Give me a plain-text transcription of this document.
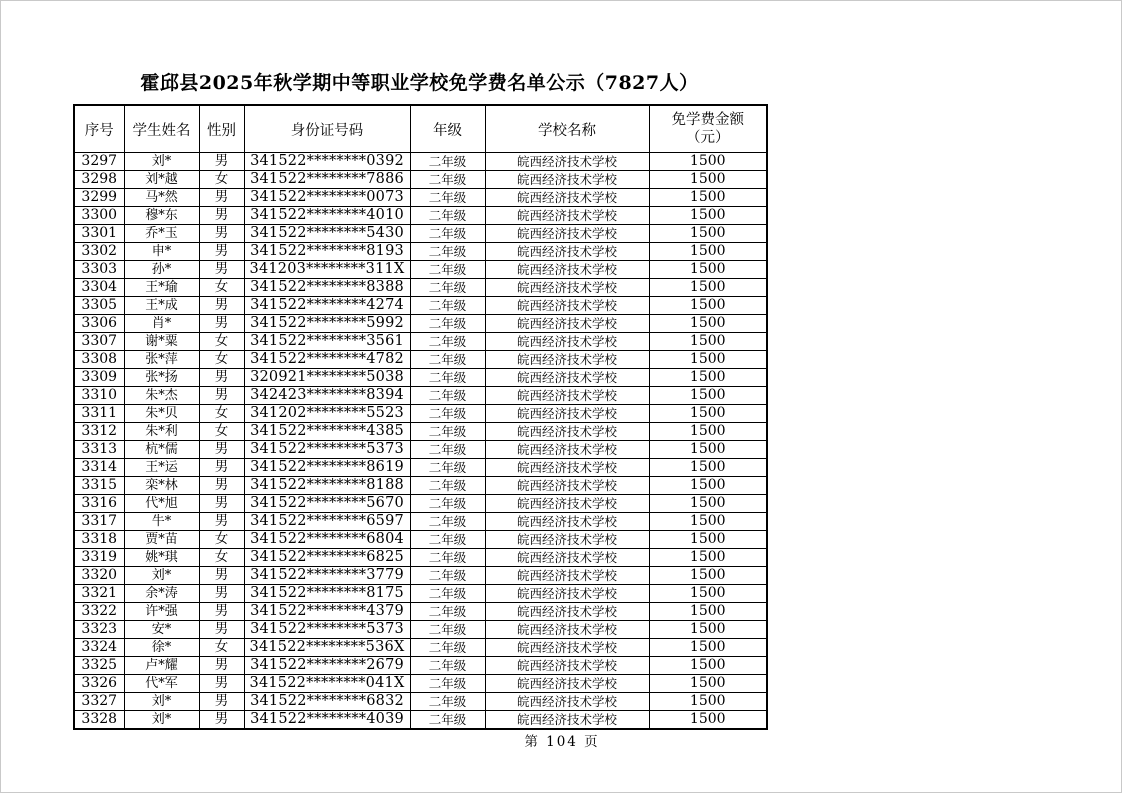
霍邱县2025年秋学期中等职业学校免学费名单公示（7827人）
序号	学生姓名	性别	身份证号码	年级	学校名称	免学费金额
（元）

3297	刘*	男	341522********0392	二年级	皖西经济技术学校	1500
3298	刘*越	女	341522********7886	二年级	皖西经济技术学校	1500
3299	马*然	男	341522********0073	二年级	皖西经济技术学校	1500
3300	穆*东	男	341522********4010	二年级	皖西经济技术学校	1500
3301	乔*玉	男	341522********5430	二年级	皖西经济技术学校	1500
3302	申*	男	341522********8193	二年级	皖西经济技术学校	1500
3303	孙*	男	341203********311X	二年级	皖西经济技术学校	1500
3304	王*瑜	女	341522********8388	二年级	皖西经济技术学校	1500
3305	王*成	男	341522********4274	二年级	皖西经济技术学校	1500
3306	肖*	男	341522********5992	二年级	皖西经济技术学校	1500
3307	谢*粟	女	341522********3561	二年级	皖西经济技术学校	1500
3308	张*萍	女	341522********4782	二年级	皖西经济技术学校	1500
3309	张*扬	男	320921********5038	二年级	皖西经济技术学校	1500
3310	朱*杰	男	342423********8394	二年级	皖西经济技术学校	1500
3311	朱*贝	女	341202********5523	二年级	皖西经济技术学校	1500
3312	朱*利	女	341522********4385	二年级	皖西经济技术学校	1500
3313	杭*儒	男	341522********5373	二年级	皖西经济技术学校	1500
3314	王*运	男	341522********8619	二年级	皖西经济技术学校	1500
3315	栾*林	男	341522********8188	二年级	皖西经济技术学校	1500
3316	代*旭	男	341522********5670	二年级	皖西经济技术学校	1500
3317	牛*	男	341522********6597	二年级	皖西经济技术学校	1500
3318	贾*苗	女	341522********6804	二年级	皖西经济技术学校	1500
3319	姚*琪	女	341522********6825	二年级	皖西经济技术学校	1500
3320	刘*	男	341522********3779	二年级	皖西经济技术学校	1500
3321	余*涛	男	341522********8175	二年级	皖西经济技术学校	1500
3322	许*强	男	341522********4379	二年级	皖西经济技术学校	1500
3323	安*	男	341522********5373	二年级	皖西经济技术学校	1500
3324	徐*	女	341522********536X	二年级	皖西经济技术学校	1500
3325	卢*耀	男	341522********2679	二年级	皖西经济技术学校	1500
3326	代*军	男	341522********041X	二年级	皖西经济技术学校	1500
3327	刘*	男	341522********6832	二年级	皖西经济技术学校	1500
3328	刘*	男	341522********4039	二年级	皖西经济技术学校	1500
第 104 页
